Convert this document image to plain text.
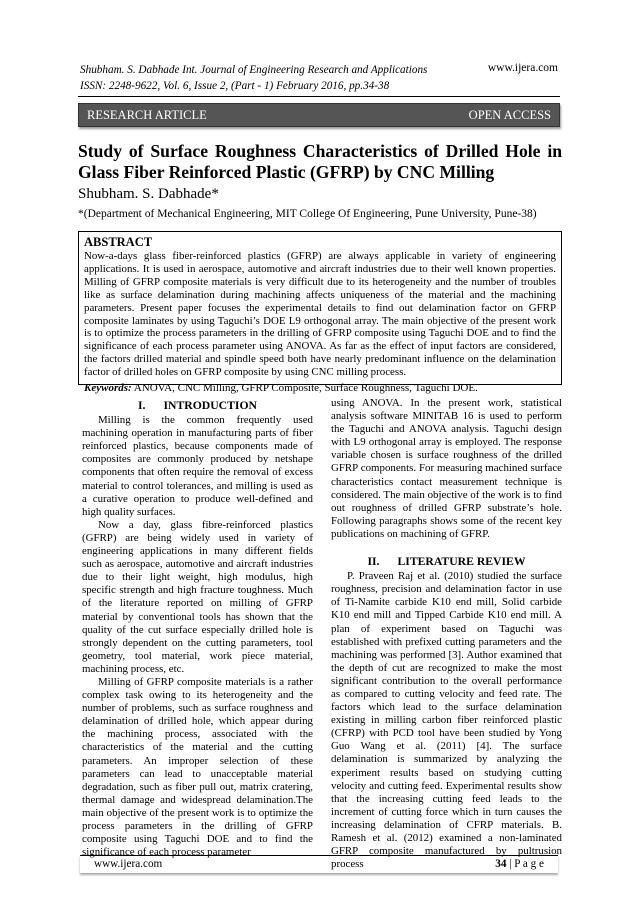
Shubham. S. Dabhade Int. Journal of Engineering Research and Applications
ISSN: 2248-9622, Vol. 6, Issue 2, (Part - 1) February 2016, pp.34-38
www.ijera.com
RESEARCH ARTICLE	OPEN ACCESS
Study of Surface Roughness Characteristics of Drilled Hole in Glass Fiber Reinforced Plastic (GFRP) by CNC Milling
Shubham. S. Dabhade*
*(Department of Mechanical Engineering, MIT College Of Engineering, Pune University, Pune-38)
ABSTRACT
Now-a-days glass fiber-reinforced plastics (GFRP) are always applicable in variety of engineering applications. It is used in aerospace, automotive and aircraft industries due to their well known properties. Milling of GFRP composite materials is very difficult due to its heterogeneity and the number of troubles like as surface delamination during machining affects uniqueness of the material and the machining parameters. Present paper focuses the experimental details to find out delamination factor on GFRP composite laminates by using Taguchi’s DOE L9 orthogonal array. The main objective of the present work is to optimize the process parameters in the drilling of GFRP composite using Taguchi DOE and to find the significance of each process parameter using ANOVA. As far as the effect of input factors are considered, the factors drilled material and spindle speed both have nearly predominant influence on the delamination factor of drilled holes on GFRP composite by using CNC milling process.
Keywords: ANOVA, CNC Milling, GFRP Composite, Surface Roughness, Taguchi DOE.
I. INTRODUCTION

Milling is the common frequently used machining operation in manufacturing parts of fiber reinforced plastics, because components made of composites are commonly produced by netshape components that often require the removal of excess material to control tolerances, and milling is used as a curative operation to produce well-defined and high quality surfaces.

Now a day, glass fibre-reinforced plastics (GFRP) are being widely used in variety of engineering applications in many different fields such as aerospace, automotive and aircraft industries due to their light weight, high modulus, high specific strength and high fracture toughness. Much of the literature reported on milling of GFRP material by conventional tools has shown that the quality of the cut surface especially drilled hole is strongly dependent on the cutting parameters, tool geometry, tool material, work piece material, machining process, etc.

Milling of GFRP composite materials is a rather complex task owing to its heterogeneity and the number of problems, such as surface roughness and delamination of drilled hole, which appear during the machining process, associated with the characteristics of the material and the cutting parameters. An improper selection of these parameters can lead to unacceptable material degradation, such as fiber pull out, matrix cratering, thermal damage and widespread delamination.The main objective of the present work is to optimize the process parameters in the drilling of GFRP composite using Taguchi DOE and to find the significance of each process parameter

using ANOVA. In the present work, statistical analysis software MINITAB 16 is used to perform the Taguchi and ANOVA analysis. Taguchi design with L9 orthogonal array is employed. The response variable chosen is surface roughness of the drilled GFRP components. For measuring machined surface characteristics contact measurement technique is considered. The main objective of the work is to find out roughness of drilled GFRP substrate’s hole. Following paragraphs shows some of the recent key publications on machining of GFRP.

II. LITERATURE REVIEW

P. Praveen Raj et al. (2010) studied the surface roughness, precision and delamination factor in use of Ti-Namite carbide K10 end mill, Solid carbide K10 end mill and Tipped Carbide K10 end mill. A plan of experiment based on Taguchi was established with prefixed cutting parameters and the machining was performed [3]. Author examined that the depth of cut are recognized to make the most significant contribution to the overall performance as compared to cutting velocity and feed rate. The factors which lead to the surface delamination existing in milling carbon fiber reinforced plastic (CFRP) with PCD tool have been studied by Yong Guo Wang et al. (2011) [4]. The surface delamination is summarized by analyzing the experiment results based on studying cutting velocity and cutting feed. Experimental results show that the increasing cutting feed leads to the increment of cutting force which in turn causes the increasing delamination of CFRP materials. B. Ramesh et al. (2012) examined a non-laminated GFRP composite manufactured by pultrusion process

www.ijera.com	34 | P a g e
